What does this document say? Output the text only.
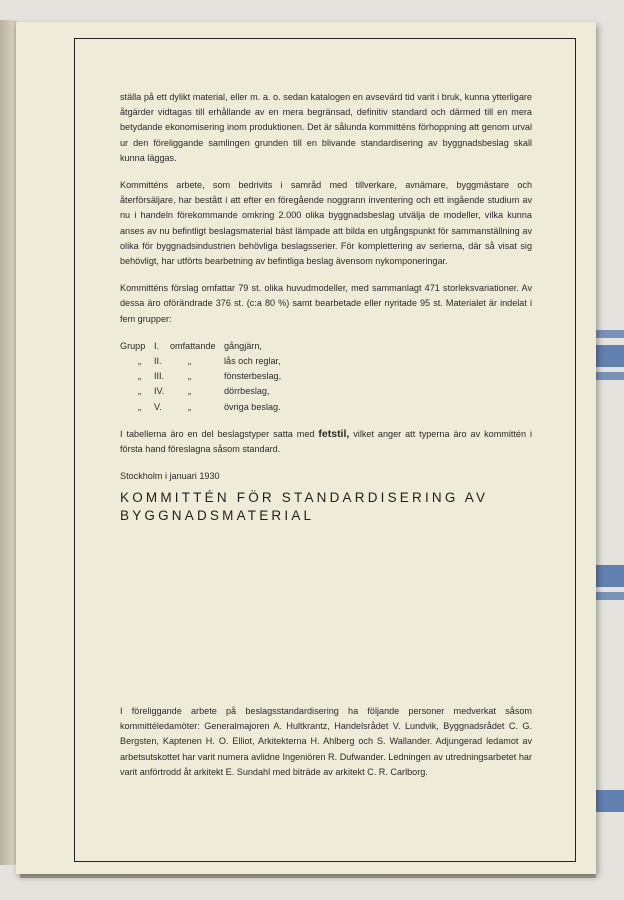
ställa på ett dylikt material, eller m. a. o. sedan katalogen en avsevärd tid varit i bruk, kunna ytterligare åtgärder vidtagas till erhållande av en mera begränsad, definitiv standard och därmed till en mera betydande ekonomisering inom produktionen. Det är sålunda kommitténs förhoppning att genom urval ur den föreliggande samlingen grunden till en blivande standardisering av byggnadsbeslag skall kunna läggas.

Kommitténs arbete, som bedrivits i samråd med tillverkare, avnämare, byggmästare och återförsäljare, har bestått i att efter en föregående noggrann inventering och ett ingående studium av nu i handeln förekommande omkring 2.000 olika byggnadsbeslag utvälja de modeller, vilka kunna anses av nu befintligt beslagsmaterial bäst lämpade att bilda en utgångspunkt för sammanställning av olika för byggnadsindustrien behövliga beslagsserier. För komplettering av serierna, där så visat sig behövligt, har utförts bearbetning av befintliga beslag ävensom nykomponeringar.

Kommitténs förslag omfattar 79 st. olika huvudmodeller, med sammanlagt 471 storleksvariationer. Av dessa äro oförändrade 376 st. (c:a 80 %) samt bearbetade eller nyritade 95 st. Materialet är indelat i fem grupper:

Grupp I.	omfattande gångjärn,
„	II.	„	lås och reglar,
„	III.	„	fönsterbeslag,
„	IV.	„	dörrbeslag,
„	V.	„	övriga beslag.

I tabellerna äro en del beslagstyper satta med fetstil, vilket anger att typerna äro av kommittén i första hand föreslagna såsom standard.

Stockholm i januari 1930
KOMMITTÉN FÖR STANDARDISERING AV
BYGGNADSMATERIAL
I föreliggande arbete på beslagsstandardisering ha följande personer medverkat såsom kommittéledamöter: Generalmajoren A. Hultkrantz, Handelsrådet V. Lundvik, Byggnadsrådet C. G. Bergsten, Kaptenen H. O. Elliot, Arkitekterna H. Ahlberg och S. Wallander. Adjungerad ledamot av arbetsutskottet har varit numera avlidne Ingeniören R. Dufwander. Ledningen av utredningsarbetet har varit anförtrodd åt arkitekt E. Sundahl med biträde av arkitekt C. R. Carlborg.
